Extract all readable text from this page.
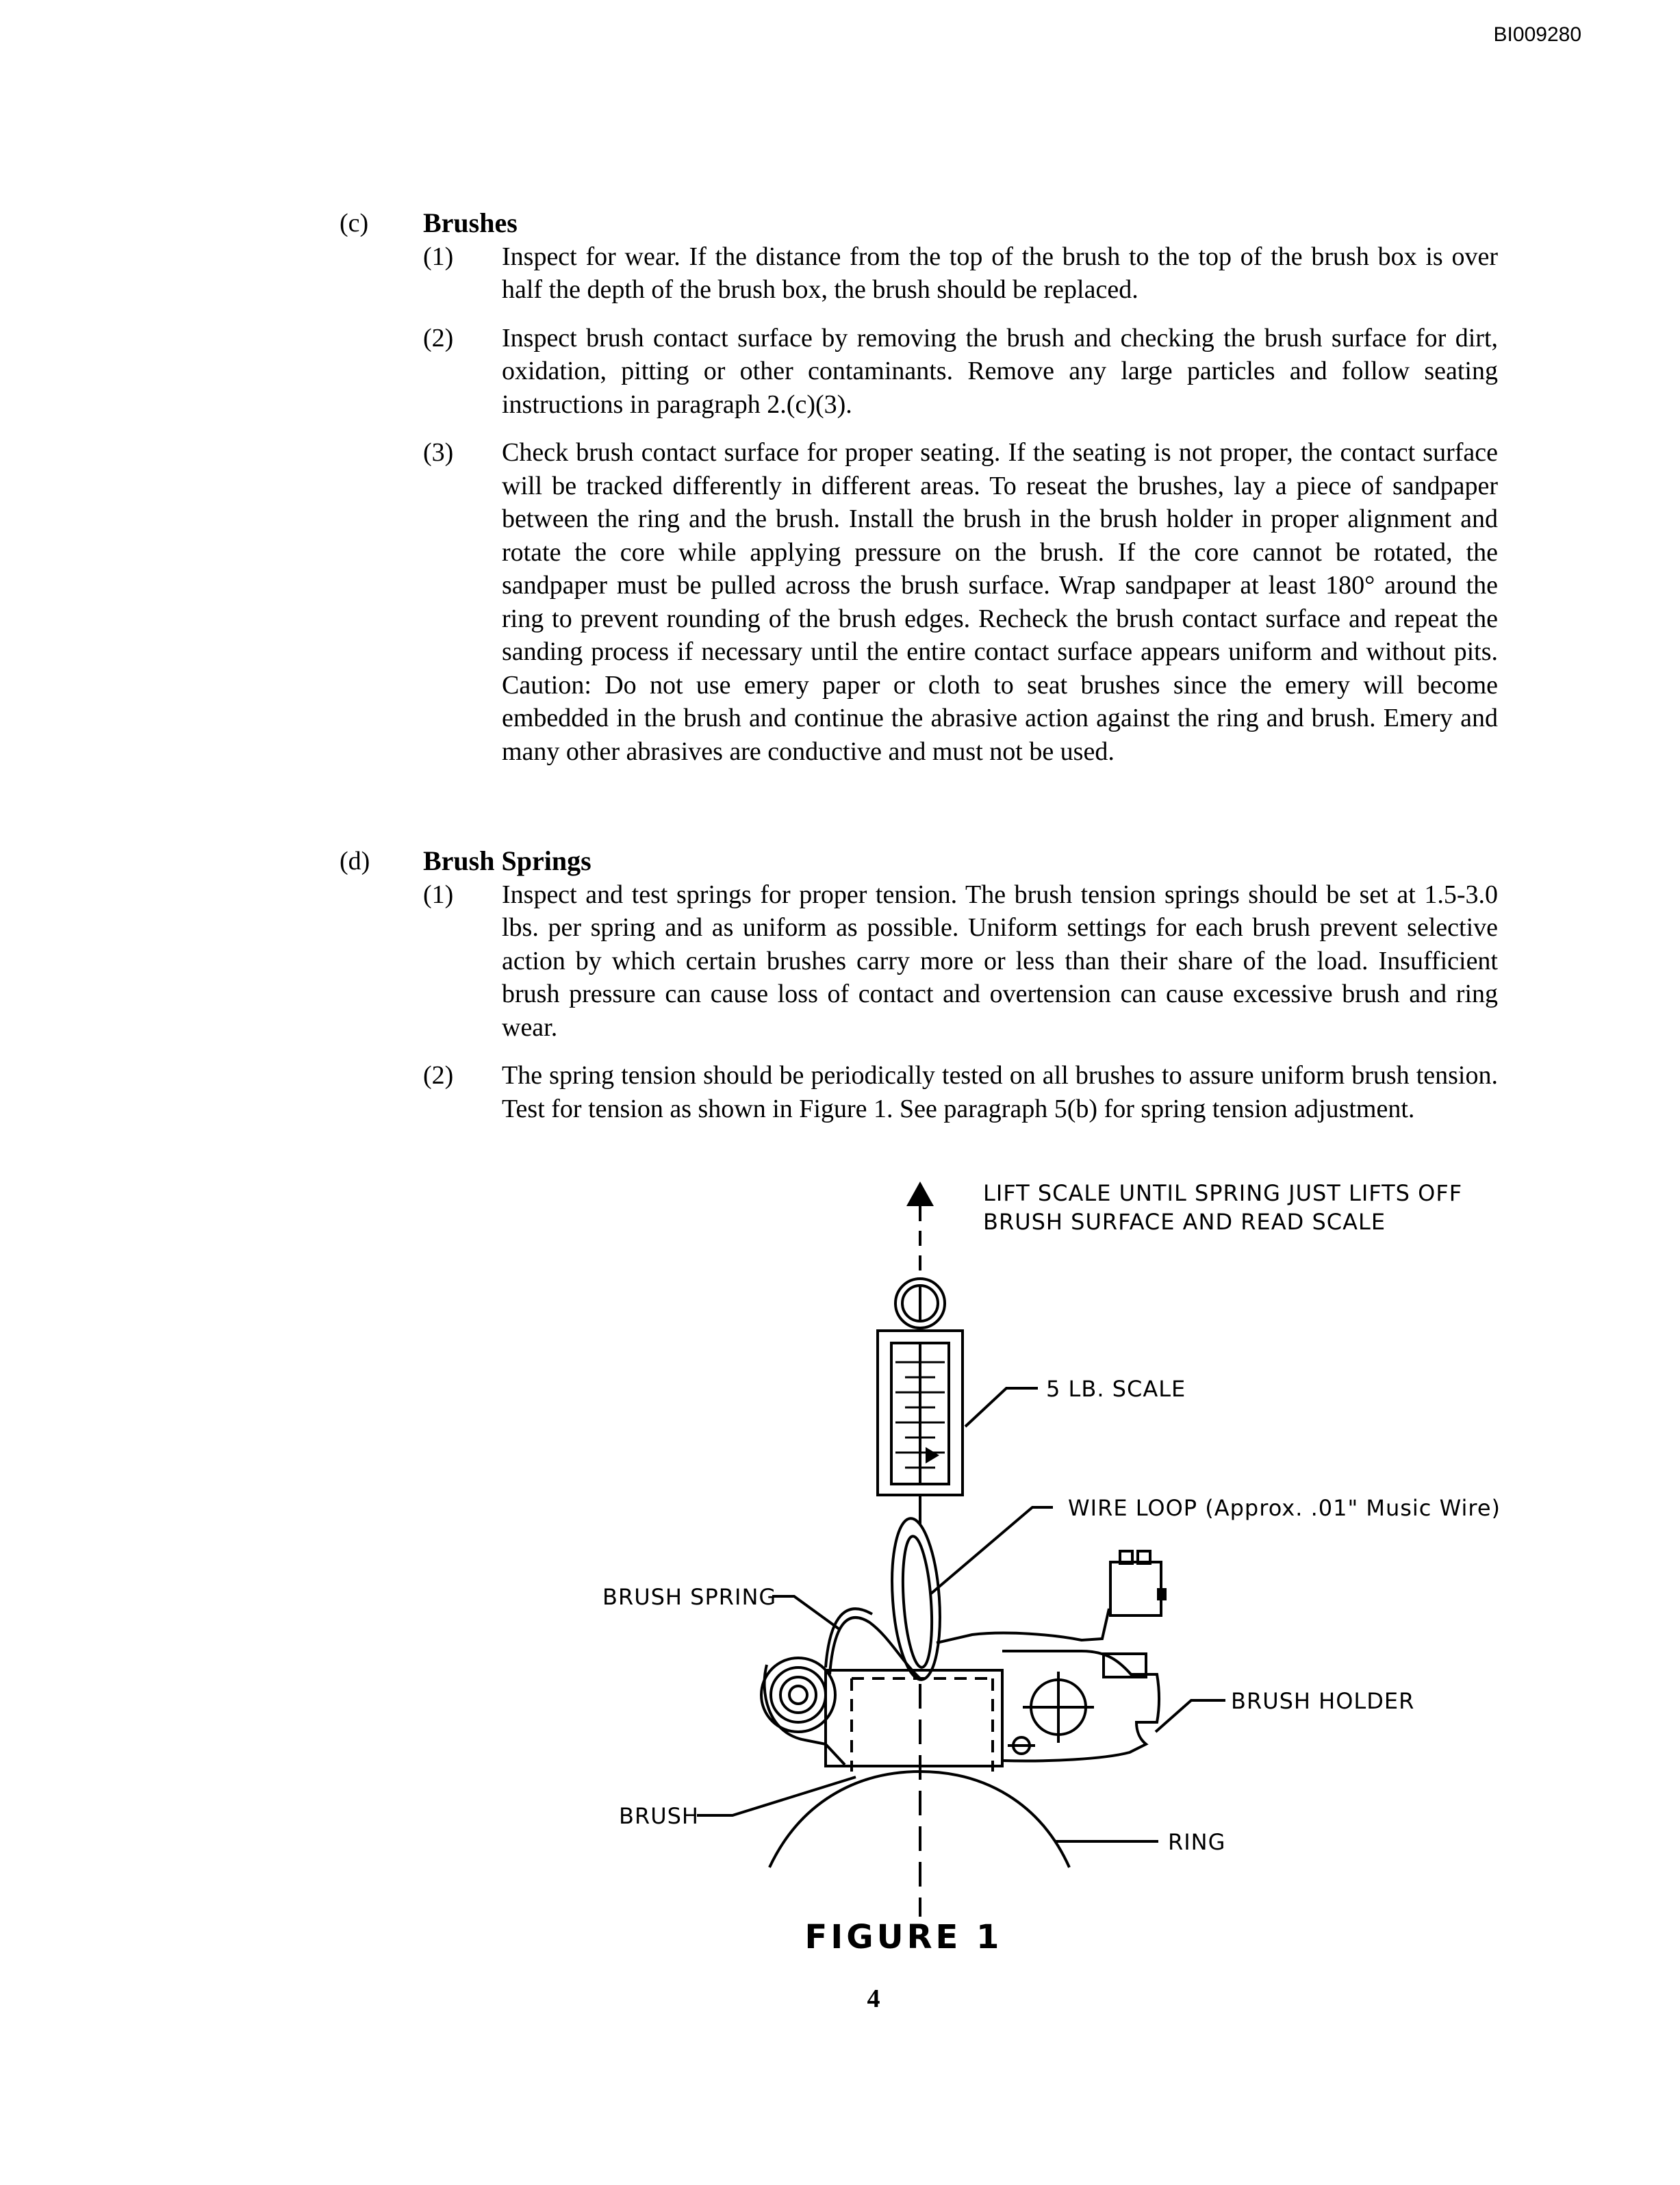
BI009280
(c)	Brushes
(1)	Inspect for wear. If the distance from the top of the brush to the top of the brush box is over half the depth of the brush box, the brush should be replaced.
(2)	Inspect brush contact surface by removing the brush and checking the brush surface for dirt, oxidation, pitting or other contaminants. Remove any large particles and follow seating instructions in paragraph 2.(c)(3).
(3)	Check brush contact surface for proper seating. If the seating is not proper, the contact surface will be tracked differently in different areas. To reseat the brushes, lay a piece of sandpaper between the ring and the brush. Install the brush in the brush holder in proper alignment and rotate the core while applying pressure on the brush. If the core cannot be rotated, the sandpaper must be pulled across the brush surface. Wrap sandpaper at least 180° around the ring to prevent rounding of the brush edges. Recheck the brush contact surface and repeat the sanding process if necessary until the entire contact surface appears uniform and without pits. Caution: Do not use emery paper or cloth to seat brushes since the emery will become embedded in the brush and continue the abrasive action against the ring and brush. Emery and many other abrasives are conductive and must not be used.
(d)	Brush Springs
(1)	Inspect and test springs for proper tension. The brush tension springs should be set at 1.5-3.0 lbs. per spring and as uniform as possible. Uniform settings for each brush prevent selective action by which certain brushes carry more or less than their share of the load. Insufficient brush pressure can cause loss of contact and overtension can cause excessive brush and ring wear.
(2)	The spring tension should be periodically tested on all brushes to assure uniform brush tension. Test for tension as shown in Figure 1. See paragraph 5(b) for spring tension adjustment.
LIFT SCALE UNTIL SPRING JUST LIFTS OFF
BRUSH SURFACE AND READ SCALE
5 LB. SCALE
WIRE LOOP (Approx. .01" Music Wire)
BRUSH SPRING
BRUSH HOLDER
BRUSH
RING
FIGURE 1
4
